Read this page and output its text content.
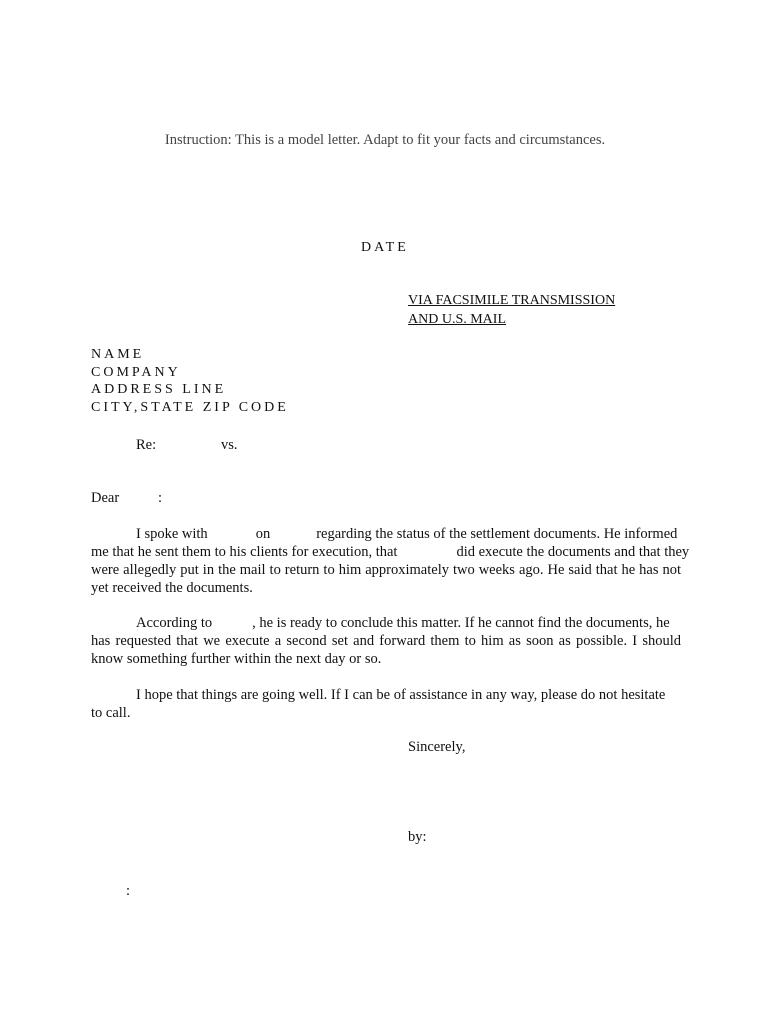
Instruction: This is a model letter. Adapt to fit your facts and circumstances.
DATE
VIA FACSIMILE TRANSMISSION
AND U.S. MAIL
NAME
COMPANY
ADDRESS LINE
CITY,STATE ZIP CODE
Re:	vs.
Dear	:
I spoke with	on	regarding the status of the settlement documents. He informed
me that he sent them to his clients for execution, that	did execute the documents and that they
were allegedly put in the mail to return to him approximately two weeks ago. He said that he has not
yet received the documents.
According to	, he is ready to conclude this matter. If he cannot find the documents, he
has requested that we execute a second set and forward them to him as soon as possible. I should
know something further within the next day or so.
I hope that things are going well. If I can be of assistance in any way, please do not hesitate
to call.
Sincerely,
by:
:
